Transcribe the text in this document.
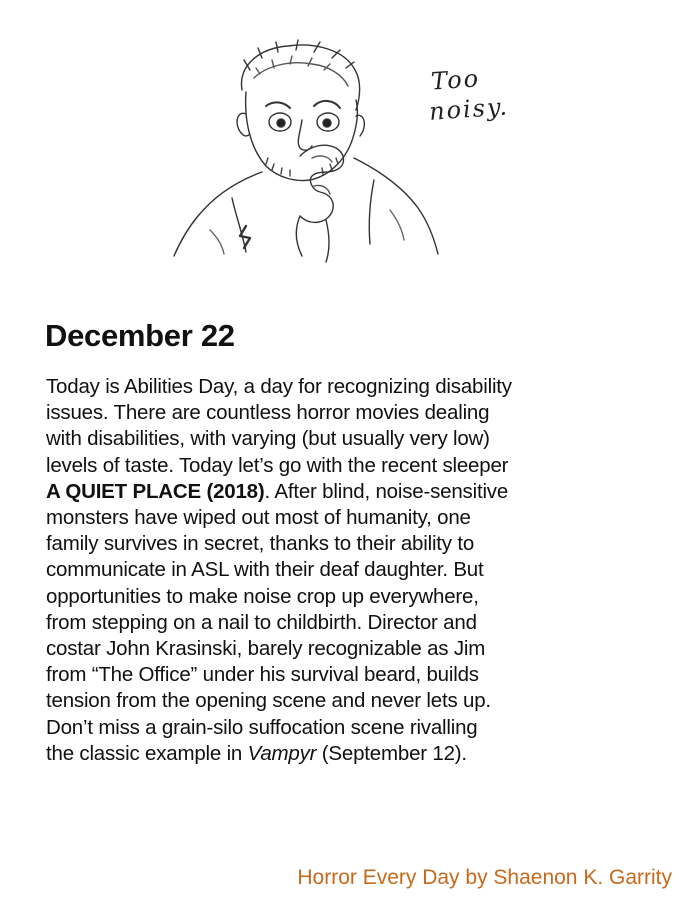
Too
noisy.
December 22
Today is Abilities Day, a day for recognizing disability
issues. There are countless horror movies dealing
with disabilities, with varying (but usually very low)
levels of taste. Today let’s go with the recent sleeper
A QUIET PLACE (2018). After blind, noise-sensitive
monsters have wiped out most of humanity, one
family survives in secret, thanks to their ability to
communicate in ASL with their deaf daughter. But
opportunities to make noise crop up everywhere,
from stepping on a nail to childbirth. Director and
costar John Krasinski, barely recognizable as Jim
from “The Office” under his survival beard, builds
tension from the opening scene and never lets up.
Don’t miss a grain-silo suffocation scene rivalling
the classic example in Vampyr (September 12).
Horror Every Day by Shaenon K. Garrity
